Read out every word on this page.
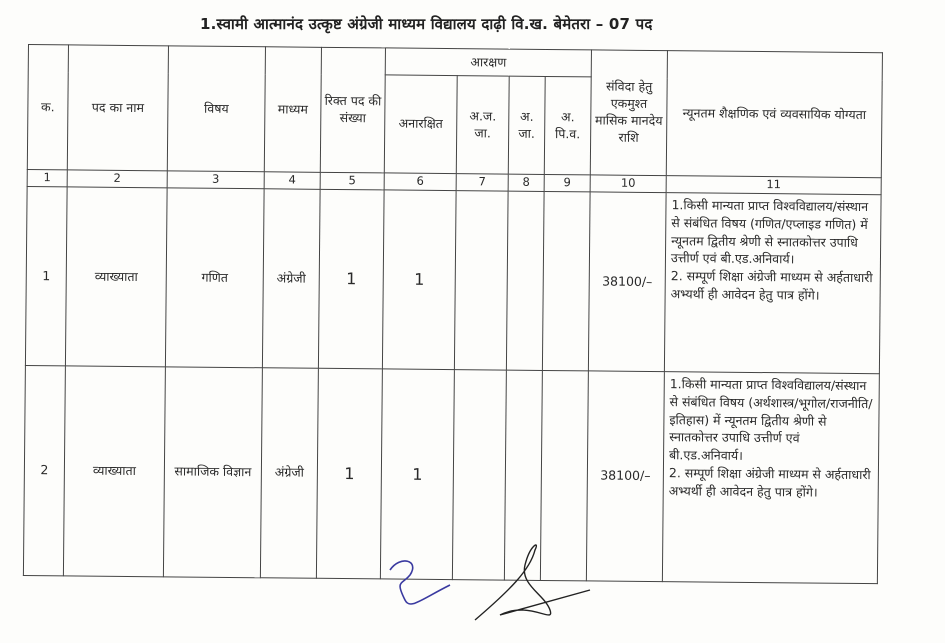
1.स्वामी आत्मानंद उत्कृष्ट अंग्रेजी माध्यम विद्यालय दाढ़ी वि.ख. बेमेतरा – 07 पद
क.	पद का नाम	विषय	माध्यम	रिक्त पद की संख्या	आरक्षण				संविदा हेतु एकमुश्त मासिक मानदेय राशि	न्यूनतम शैक्षणिक एवं व्यवसायिक योग्यता
					अनारक्षित	अ.ज. जा.	अ. जा.	अ. पि.व.		
1	2	3	4	5	6	7	8	9	10	11
1	व्याख्याता	गणित	अंग्रेजी	1	1				38100/–	1.किसी मान्यता प्राप्त विश्वविद्यालय/संस्थान से संबंधित विषय (गणित/एप्लाइड गणित) में न्यूनतम द्वितीय श्रेणी से स्नातकोत्तर उपाधि उत्तीर्ण एवं बी.एड.अनिवार्य।

2. सम्पूर्ण शिक्षा अंग्रेजी माध्यम से अर्हताधारी अभ्यर्थी ही आवेदन हेतु पात्र होंगे।

2	व्याख्याता	सामाजिक विज्ञान	अंग्रेजी	1	1				38100/–	1.किसी मान्यता प्राप्त विश्वविद्यालय/संस्थान से संबंधित विषय (अर्थशास्त्र/भूगोल/राजनीति/इतिहास) में न्यूनतम द्वितीय श्रेणी से स्नातकोत्तर उपाधि उत्तीर्ण एवं बी.एड.अनिवार्य।

2. सम्पूर्ण शिक्षा अंग्रेजी माध्यम से अर्हताधारी अभ्यर्थी ही आवेदन हेतु पात्र होंगे।
